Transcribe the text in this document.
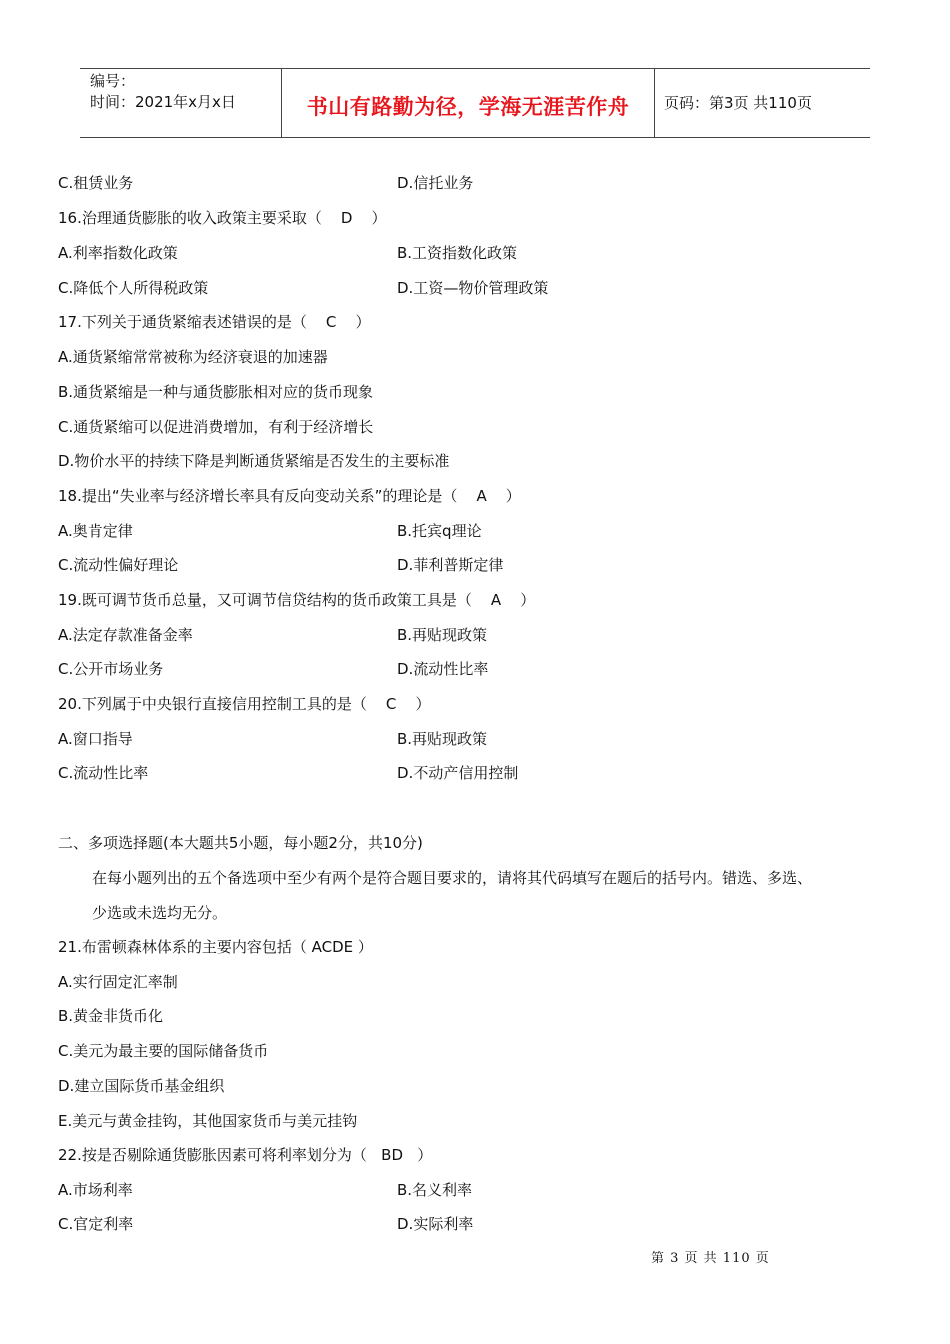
编号：
时间：2021年x月x日	书山有路勤为径，学海无涯苦作舟	页码：第3页 共110页
C.租赁业务	D.信托业务
16.治理通货膨胀的收入政策主要采取（    D    ）
A.利率指数化政策	B.工资指数化政策
C.降低个人所得税政策	D.工资—物价管理政策
17.下列关于通货紧缩表述错误的是（    C    ）
A.通货紧缩常常被称为经济衰退的加速器
B.通货紧缩是一种与通货膨胀相对应的货币现象
C.通货紧缩可以促进消费增加，有利于经济增长
D.物价水平的持续下降是判断通货紧缩是否发生的主要标准
18.提出“失业率与经济增长率具有反向变动关系”的理论是（    A    ）
A.奥肯定律	B.托宾q理论
C.流动性偏好理论	D.菲利普斯定律
19.既可调节货币总量，又可调节信贷结构的货币政策工具是（    A    ）
A.法定存款准备金率	B.再贴现政策
C.公开市场业务	D.流动性比率
20.下列属于中央银行直接信用控制工具的是（    C    ）
A.窗口指导	B.再贴现政策
C.流动性比率	D.不动产信用控制
二、多项选择题(本大题共5小题，每小题2分，共10分)
在每小题列出的五个备选项中至少有两个是符合题目要求的，请将其代码填写在题后的括号内。错选、多选、
少选或未选均无分。
21.布雷顿森林体系的主要内容包括（ ACDE ）
A.实行固定汇率制
B.黄金非货币化
C.美元为最主要的国际储备货币
D.建立国际货币基金组织
E.美元与黄金挂钩，其他国家货币与美元挂钩
22.按是否剔除通货膨胀因素可将利率划分为（   BD   ）
A.市场利率	B.名义利率
C.官定利率	D.实际利率
第 3 页 共 110 页
